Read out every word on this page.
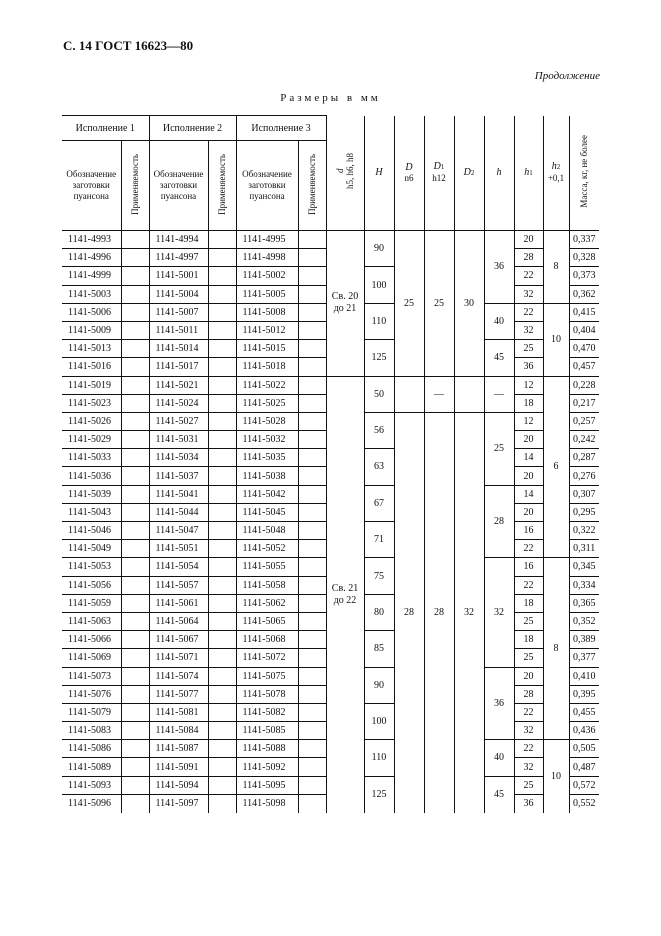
С. 14 ГОСТ 16623—80
Продолжение
Размеры в мм
Исполнение 1		Исполнение 2		Исполнение 3		d
h5, h6, h8	H	D
n6	D1
h12	D2	h	h1	h2
+0,1	Масса, кг, не более
Обозначение заготовки пуансона	Применяемость	Обозначение заготовки пуансона	Применяемость	Обозначение заготовки пуансона	Применяемость									
1141-4993		1141-4994		1141-4995		Св. 20 до 21	90	25	25	30	36	20	8	0,337
1141-4996		1141-4997		1141-4998								28		0,328
1141-4999		1141-5001		1141-5002			100					22		0,373
1141-5003		1141-5004		1141-5005								32		0,362
1141-5006		1141-5007		1141-5008			110				40	22	10	0,415
1141-5009		1141-5011		1141-5012								32		0,404
1141-5013		1141-5014		1141-5015			125				45	25		0,470
1141-5016		1141-5017		1141-5018								36		0,457
1141-5019		1141-5021		1141-5022		Св. 21 до 22	50		—		—	12	6	0,228
1141-5023		1141-5024		1141-5025								18		0,217
1141-5026		1141-5027		1141-5028			56	28	28	32	25	12		0,257
1141-5029		1141-5031		1141-5032								20		0,242
1141-5033		1141-5034		1141-5035			63					14		0,287
1141-5036		1141-5037		1141-5038								20		0,276
1141-5039		1141-5041		1141-5042			67				28	14		0,307
1141-5043		1141-5044		1141-5045								20		0,295
1141-5046		1141-5047		1141-5048			71					16		0,322
1141-5049		1141-5051		1141-5052								22		0,311
1141-5053		1141-5054		1141-5055			75				32	16	8	0,345
1141-5056		1141-5057		1141-5058								22		0,334
1141-5059		1141-5061		1141-5062			80					18		0,365
1141-5063		1141-5064		1141-5065								25		0,352
1141-5066		1141-5067		1141-5068			85					18		0,389
1141-5069		1141-5071		1141-5072								25		0,377
1141-5073		1141-5074		1141-5075			90				36	20		0,410
1141-5076		1141-5077		1141-5078								28		0,395
1141-5079		1141-5081		1141-5082			100					22		0,455
1141-5083		1141-5084		1141-5085								32		0,436
1141-5086		1141-5087		1141-5088			110				40	22	10	0,505
1141-5089		1141-5091		1141-5092								32		0,487
1141-5093		1141-5094		1141-5095			125				45	25		0,572
1141-5096		1141-5097		1141-5098								36		0,552
